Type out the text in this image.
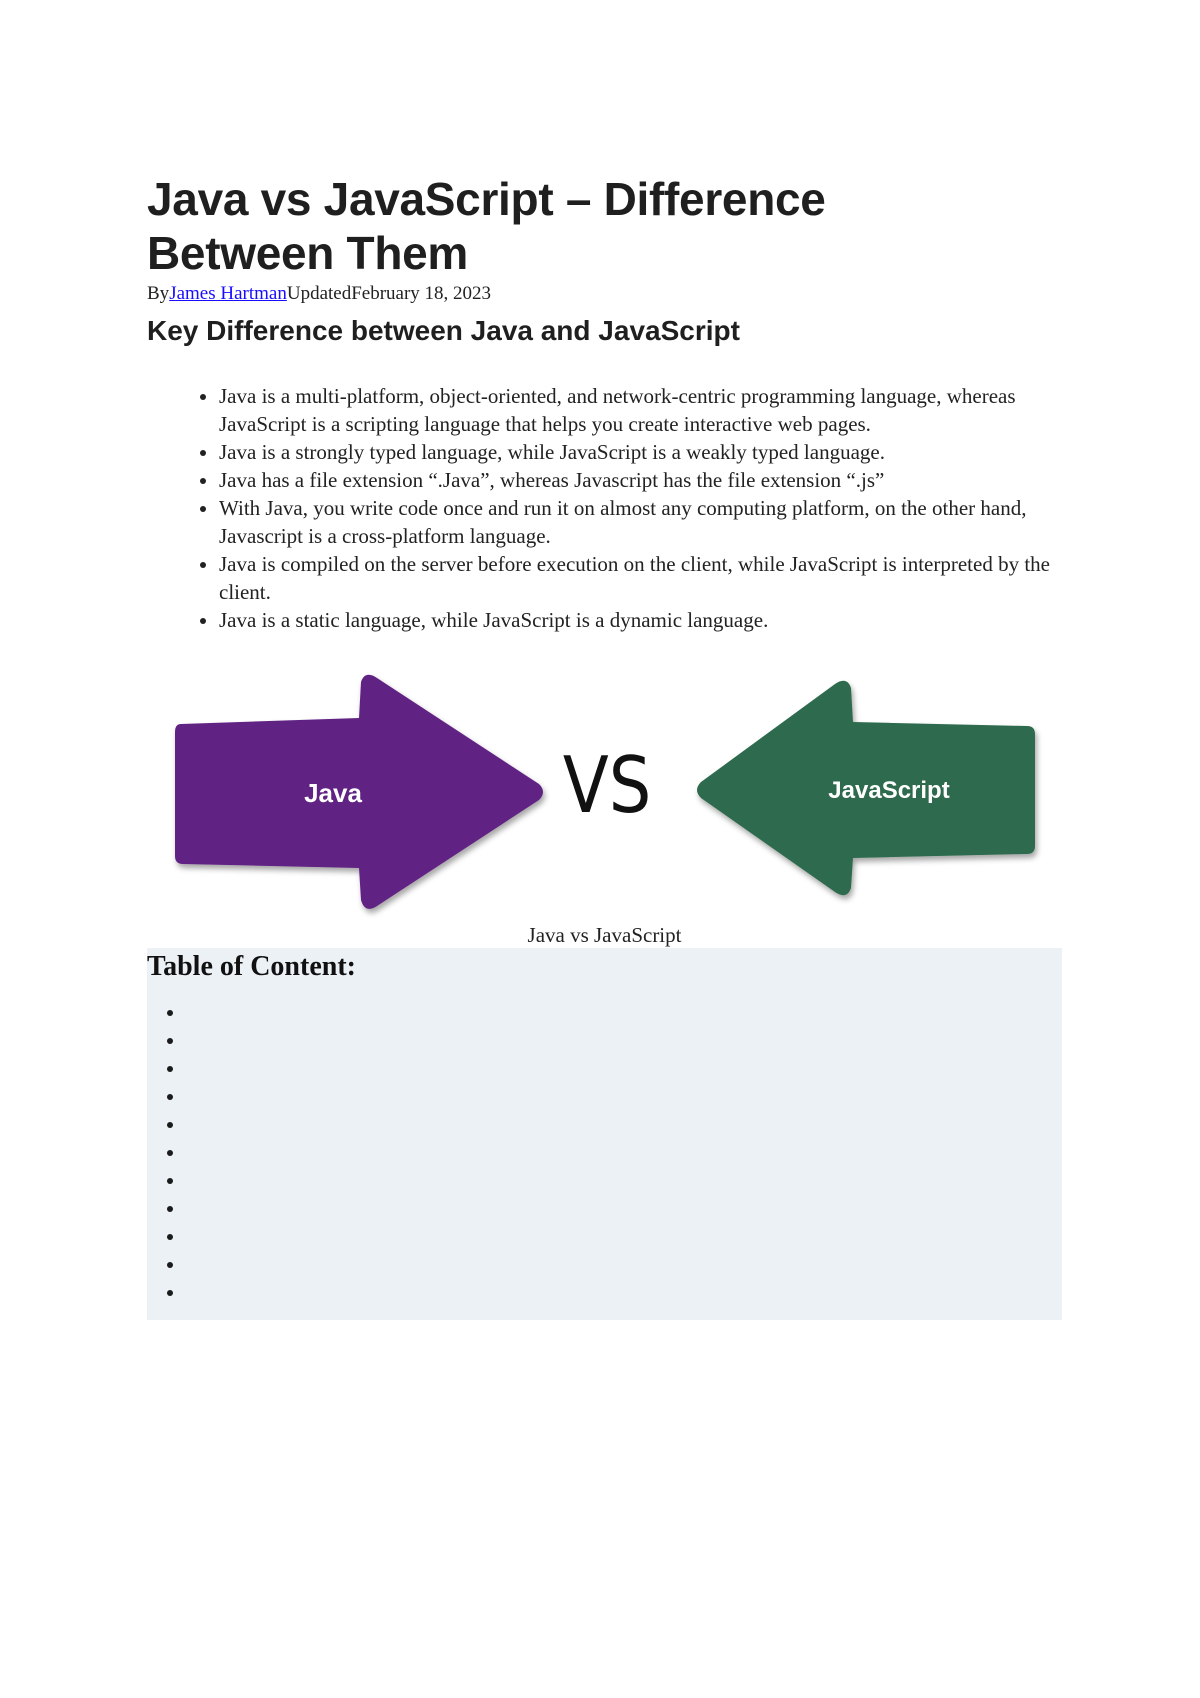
Java vs JavaScript – Difference Between Them
ByJames HartmanUpdatedFebruary 18, 2023
Key Difference between Java and JavaScript
• Java is a multi-platform, object-oriented, and network-centric programming language, whereas JavaScript is a scripting language that helps you create interactive web pages.
• Java is a strongly typed language, while JavaScript is a weakly typed language.
• Java has a file extension “.Java”, whereas Javascript has the file extension “.js”
• With Java, you write code once and run it on almost any computing platform, on the other hand, Javascript is a cross-platform language.
• Java is compiled on the server before execution on the client, while JavaScript is interpreted by the client.
• Java is a static language, while JavaScript is a dynamic language.
Java	VS	JavaScript
Java vs JavaScript
Table of Content:
•
•
•
•
•
•
•
•
•
•
•
